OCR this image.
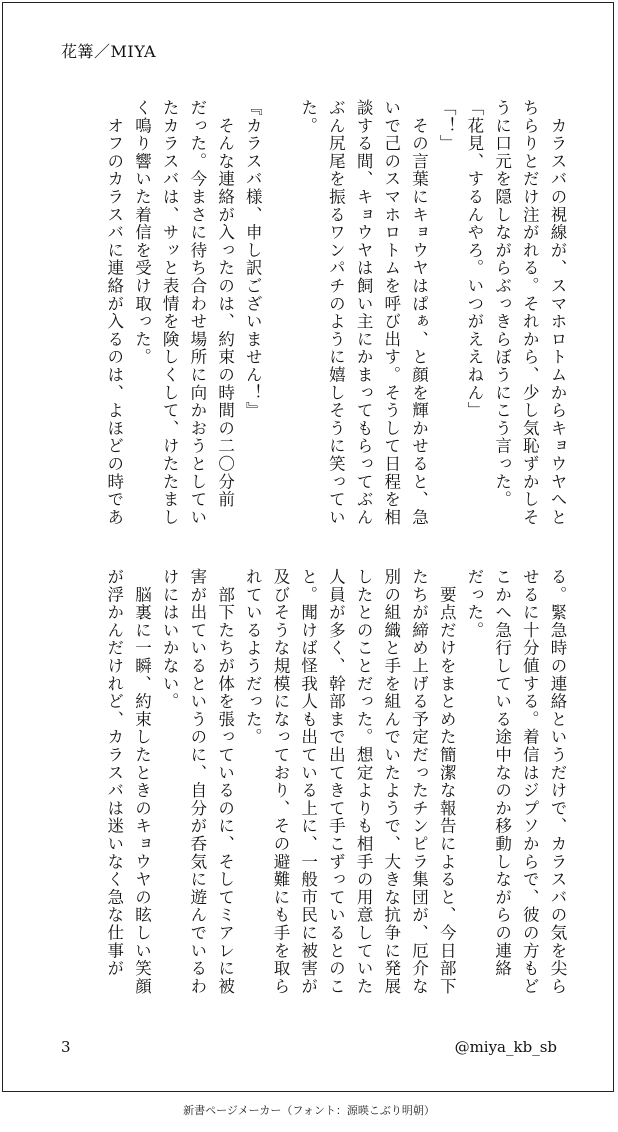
花篝／MIYA
　カラスバの視線が、スマホロトムからキョウヤへと
ちらりとだけ注がれる。それから、少し気恥ずかしそ
うに口元を隠しながらぶっきらぼうにこう言った。
「花見、するんやろ。いつがええねん」
「！」
　その言葉にキョウヤはぱぁ、と顔を輝かせると、急
いで己のスマホロトムを呼び出す。そうして日程を相
談する間、キョウヤは飼い主にかまってもらってぶん
ぶん尻尾を振るワンパチのように嬉しそうに笑ってい
た。

『カラスバ様、申し訳ございません！』
　そんな連絡が入ったのは、約束の時間の二〇分前
だった。今まさに待ち合わせ場所に向かおうとしてい
たカラスバは、サッと表情を険しくして、けたたまし
く鳴り響いた着信を受け取った。
　オフのカラスバに連絡が入るのは、よほどの時であ
る。緊急時の連絡というだけで、カラスバの気を尖ら
せるに十分値する。着信はジプソからで、彼の方もど
こかへ急行している途中なのか移動しながらの連絡
だった。
　要点だけをまとめた簡潔な報告によると、今日部下
たちが締め上げる予定だったチンピラ集団が、厄介な
別の組織と手を組んでいたようで、大きな抗争に発展
したとのことだった。想定よりも相手の用意していた
人員が多く、幹部まで出てきて手こずっているとのこ
と。聞けば怪我人も出ている上に、一般市民に被害が
及びそうな規模になっており、その避難にも手を取ら
れているようだった。
　部下たちが体を張っているのに、そしてミアレに被
害が出ているというのに、自分が呑気に遊んでいるわ
けにはいかない。
　脳裏に一瞬、約束したときのキョウヤの眩しい笑顔
が浮かんだけれど、カラスバは迷いなく急な仕事が
3	@miya_kb_sb
新書ページメーカー（フォント：源暎こぶり明朝）
